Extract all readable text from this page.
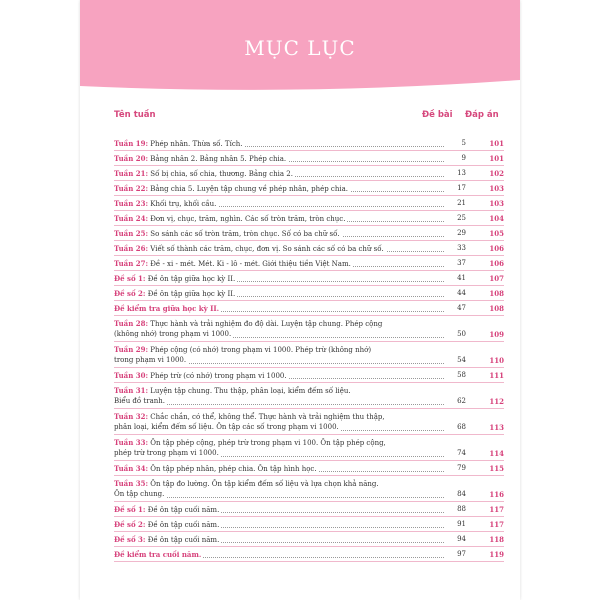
MỤC LỤC
Tên tuần	Đề bài Đáp án
Tuần 19: Phép nhân. Thừa số. Tích.	5	101
Tuần 20: Bảng nhân 2. Bảng nhân 5. Phép chia.	9	101
Tuần 21: Số bị chia, số chia, thương. Bảng chia 2.	13	102
Tuần 22: Bảng chia 5. Luyện tập chung về phép nhân, phép chia.	17	103
Tuần 23: Khối trụ, khối cầu.	21	103
Tuần 24: Đơn vị, chục, trăm, nghìn. Các số tròn trăm, tròn chục.	25	104
Tuần 25: So sánh các số tròn trăm, tròn chục. Số có ba chữ số.	29	105
Tuần 26: Viết số thành các trăm, chục, đơn vị. So sánh các số có ba chữ số.	33	106
Tuần 27: Đề - xi - mét. Mét. Ki - lô - mét. Giới thiệu tiền Việt Nam.	37	106
Đề số 1: Đề ôn tập giữa học kỳ II.	41	107
Đề số 2: Đề ôn tập giữa học kỳ II.	44	108
Đề kiểm tra giữa học kỳ II.	47	108
Tuần 28: Thực hành và trải nghiệm đo độ dài. Luyện tập chung. Phép cộng
(không nhớ) trong phạm vi 1000.	50	109
Tuần 29: Phép cộng (có nhớ) trong phạm vi 1000. Phép trừ (không nhớ)
trong phạm vi 1000.	54	110
Tuần 30: Phép trừ (có nhớ) trong phạm vi 1000.	58	111
Tuần 31: Luyện tập chung. Thu thập, phân loại, kiểm đếm số liệu.
Biểu đồ tranh.	62	112
Tuần 32: Chắc chắn, có thể, không thể. Thực hành và trải nghiệm thu thập,
phân loại, kiểm đếm số liệu. Ôn tập các số trong phạm vi 1000.	68	113
Tuần 33: Ôn tập phép cộng, phép trừ trong phạm vi 100. Ôn tập phép cộng,
phép trừ trong phạm vi 1000.	74	114
Tuần 34: Ôn tập phép nhân, phép chia. Ôn tập hình học.	79	115
Tuần 35: Ôn tập đo lường. Ôn tập kiểm đếm số liệu và lựa chọn khả năng.
Ôn tập chung.	84	116
Đề số 1: Đề ôn tập cuối năm.	88	117
Đề số 2: Đề ôn tập cuối năm.	91	117
Đề số 3: Đề ôn tập cuối năm.	94	118
Đề kiểm tra cuối năm.	97	119
